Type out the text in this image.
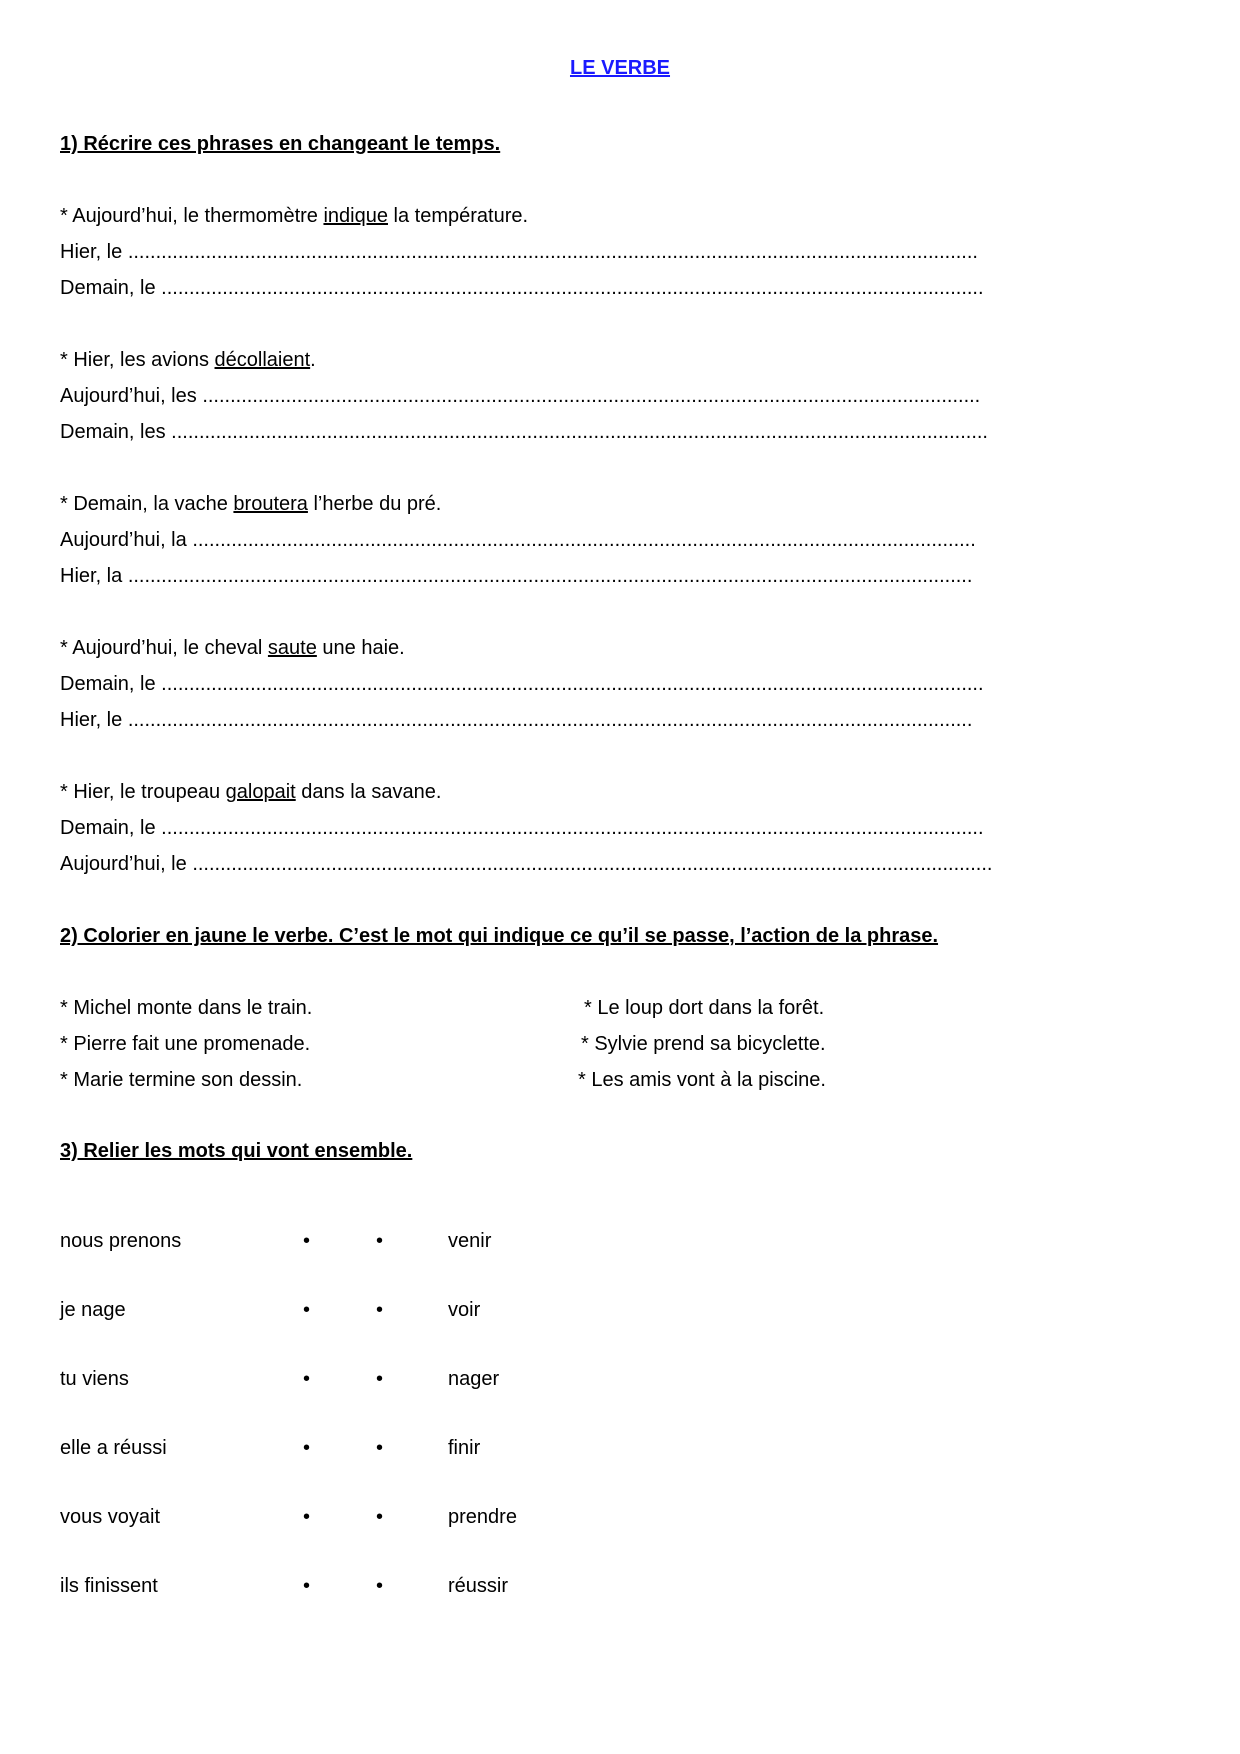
LE VERBE
1) Récrire ces phrases en changeant le temps.
* Aujourd’hui, le thermomètre indique la température.
Hier, le .........................................................................................................................................................
Demain, le ....................................................................................................................................................
* Hier, les avions décollaient.
Aujourd’hui, les ............................................................................................................................................
Demain, les ...................................................................................................................................................
* Demain, la vache broutera l’herbe du pré.
Aujourd’hui, la .............................................................................................................................................
Hier, la ........................................................................................................................................................
* Aujourd’hui, le cheval saute une haie.
Demain, le ....................................................................................................................................................
Hier, le ........................................................................................................................................................
* Hier, le troupeau galopait dans la savane.
Demain, le ....................................................................................................................................................
Aujourd’hui, le ................................................................................................................................................
2) Colorier en jaune le verbe. C’est le mot qui indique ce qu’il se passe, l’action de la phrase.
* Michel monte dans le train.
* Pierre fait une promenade.
* Marie termine son dessin.
* Le loup dort dans la forêt.
* Sylvie prend sa bicyclette.
* Les amis vont à la piscine.
3) Relier les mots qui vont ensemble.
nous prenons	•	•	venir
je nage	•	•	voir
tu viens	•	•	nager
elle a réussi	•	•	finir
vous voyait	•	•	prendre
ils finissent	•	•	réussir
